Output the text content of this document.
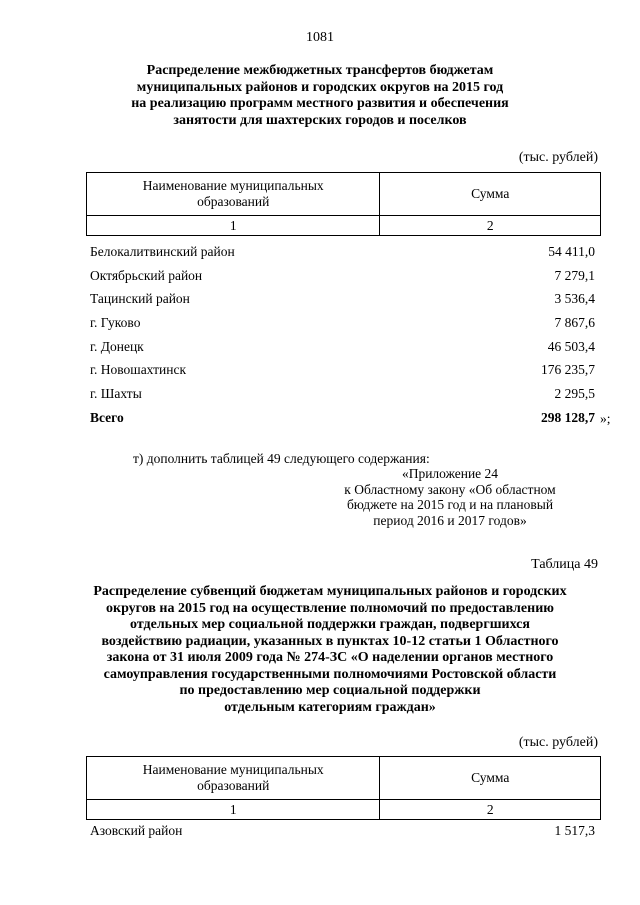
1081
Распределение межбюджетных трансфертов бюджетам
муниципальных районов и городских округов на 2015 год
на реализацию программ местного развития и обеспечения
занятости для шахтерских городов и поселков
(тыс. рублей)
Наименование муниципальных
образований	Сумма
1	2
Белокалитвинский район	54 411,0
Октябрьский район	7 279,1
Тацинский район	3 536,4
г. Гуково	7 867,6
г. Донецк	46 503,4
г. Новошахтинск	176 235,7
г. Шахты	2 295,5
Всего	298 128,7 »;
т) дополнить таблицей 49 следующего содержания:
«Приложение 24
к Областному закону «Об областном
бюджете на 2015 год и на плановый
период 2016 и 2017 годов»
Таблица 49
Распределение субвенций бюджетам муниципальных районов и городских
округов на 2015 год на осуществление полномочий по предоставлению
отдельных мер социальной поддержки граждан, подвергшихся
воздействию радиации, указанных в пунктах 10-12 статьи 1 Областного
закона от 31 июля 2009 года № 274-ЗС «О наделении органов местного
самоуправления государственными полномочиями Ростовской области
по предоставлению мер социальной поддержки
отдельным категориям граждан»
(тыс. рублей)
Наименование муниципальных
образований	Сумма
1	2
Азовский район	1 517,3
